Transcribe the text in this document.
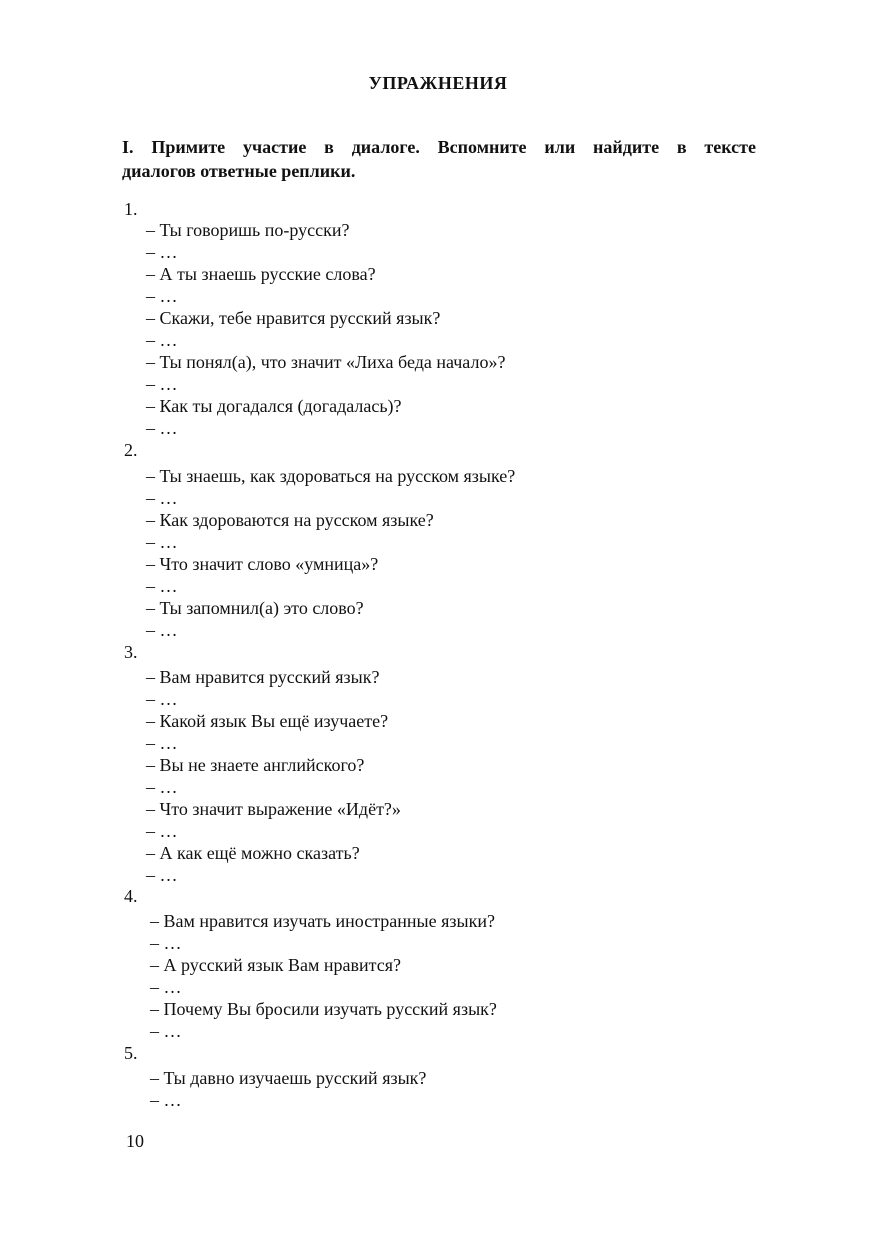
УПРАЖНЕНИЯ
I. Примите участие в диалоге. Вспомните или найдите в тексте
диалогов ответные реплики.
1.
– Ты говоришь по-русски?
– …
– А ты знаешь русские слова?
– …
– Скажи, тебе нравится русский язык?
– …
– Ты понял(а), что значит «Лиха беда начало»?
– …
– Как ты догадался (догадалась)?
– …
2.
– Ты знаешь, как здороваться на русском языке?
– …
– Как здороваются на русском языке?
– …
– Что значит слово «умница»?
– …
– Ты запомнил(а) это слово?
– …
3.
– Вам нравится русский язык?
– …
– Какой язык Вы ещё изучаете?
– …
– Вы не знаете английского?
– …
– Что значит выражение «Идёт?»
– …
– А как ещё можно сказать?
– …
4.
– Вам нравится изучать иностранные языки?
– …
– А русский язык Вам нравится?
– …
– Почему Вы бросили изучать русский язык?
– …
5.
– Ты давно изучаешь русский язык?
– …
10
